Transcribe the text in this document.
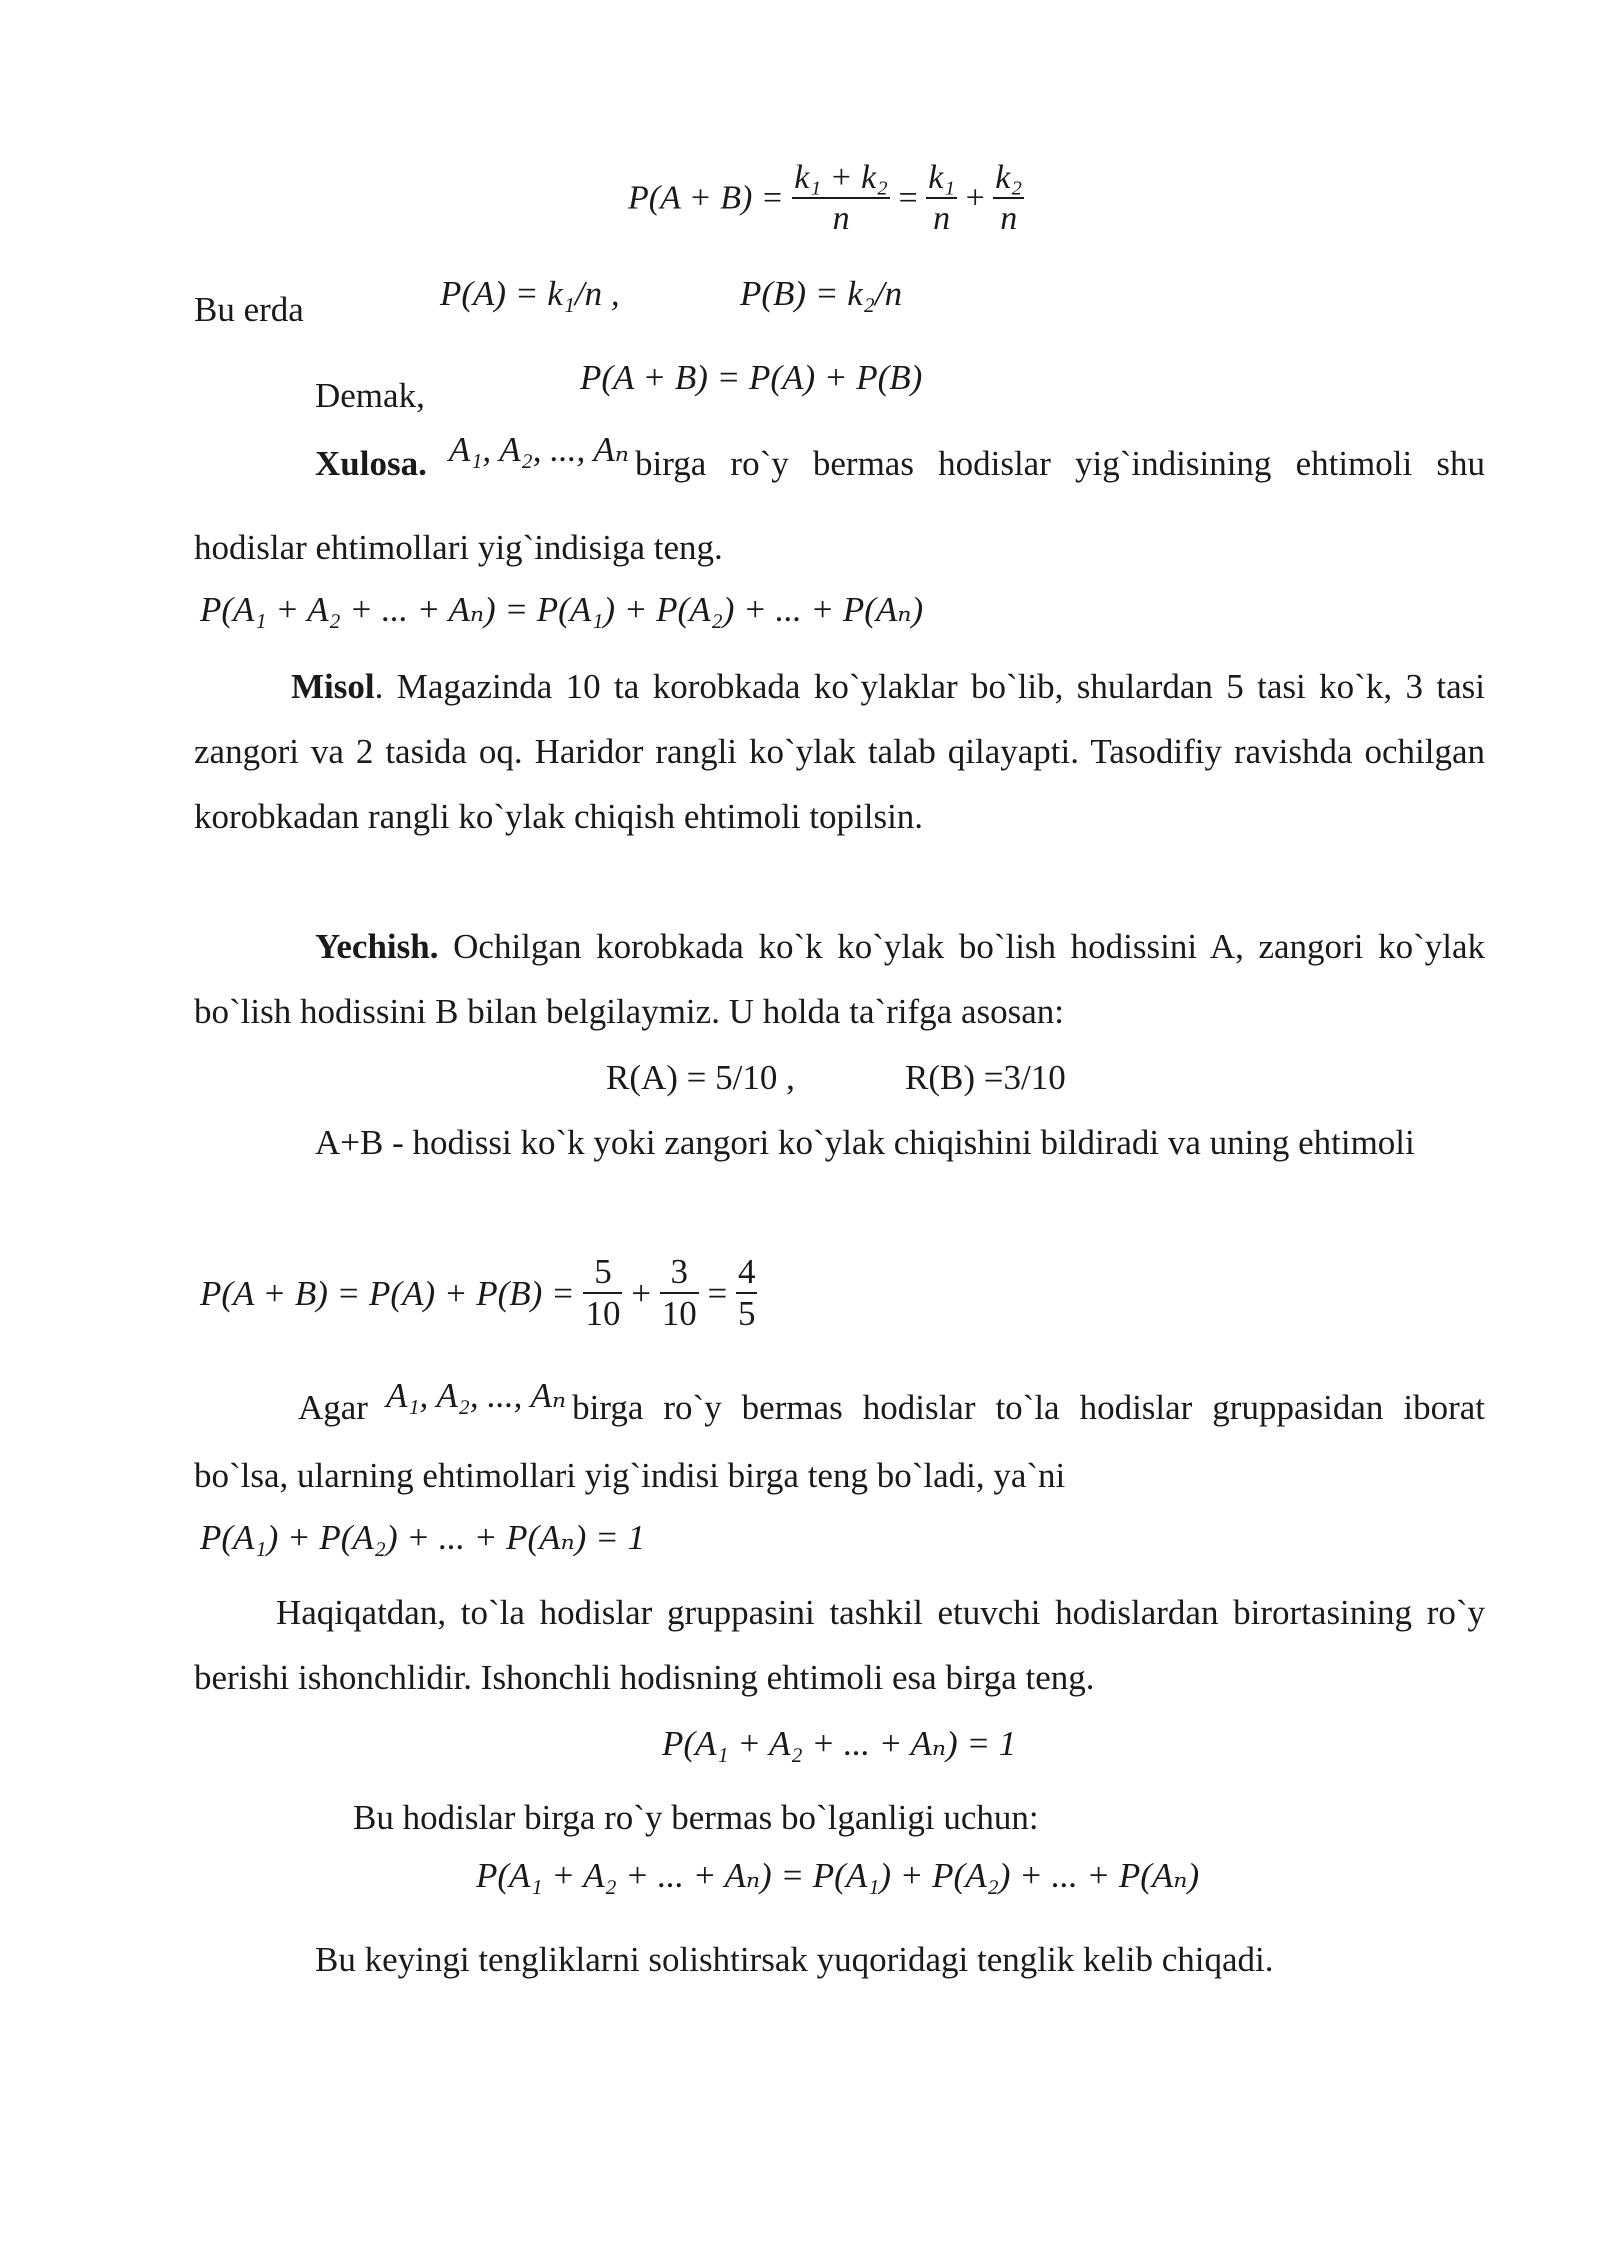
$P(A + B) = \frac{\text{k₁ + k₂}}{n} = \frac{\text{k₁}}{n} + \frac{\text{k₂}}{n}$
Bu erda	P(A) = k₁/n ,	P(B) = k₂/n
Demak,	P(A + B) = P(A) + P(B)
Xulosa. A₁, A₂, ..., Aₙ birga ro`y bermas hodislar yig`indisining ehtimoli shu
hodislar ehtimollari yig`indisiga teng.
P(A₁ + A₂ + ... + Aₙ) = P(A₁) + P(A₂) + ... + P(Aₙ)
Misol. Magazinda 10 ta korobkada ko`ylaklar bo`lib, shulardan 5 tasi ko`k, 3 tasi zangori va 2 tasida oq. Haridor rangli ko`ylak talab qilayapti. Tasodifiy ravishda ochilgan korobkadan rangli ko`ylak chiqish ehtimoli topilsin.
Yechish. Ochilgan korobkada ko`k ko`ylak bo`lish hodissini A, zangori ko`ylak bo`lish hodissini B bilan belgilaymiz. U holda ta`rifga asosan:
R(A) = 5/10 ,	R(B) =3/10
A+B - hodissi ko`k yoki zangori ko`ylak chiqishini bildiradi va uning ehtimoli
$P(A + B) = P(A) + P(B) = \frac{5}{10} + \frac{3}{10} = \frac{4}{5}$
Agar A₁, A₂, ..., Aₙ birga ro`y bermas hodislar to`la hodislar gruppasidan iborat
bo`lsa, ularning ehtimollari yig`indisi birga teng bo`ladi, ya`ni
P(A₁) + P(A₂) + ... + P(Aₙ) = 1
Haqiqatdan, to`la hodislar gruppasini tashkil etuvchi hodislardan birortasining ro`y berishi ishonchlidir. Ishonchli hodisning ehtimoli esa birga teng.
P(A₁ + A₂ + ... + Aₙ) = 1
Bu hodislar birga ro`y bermas bo`lganligi uchun:
P(A₁ + A₂ + ... + Aₙ) = P(A₁) + P(A₂) + ... + P(Aₙ)
Bu keyingi tengliklarni solishtirsak yuqoridagi tenglik kelib chiqadi.
